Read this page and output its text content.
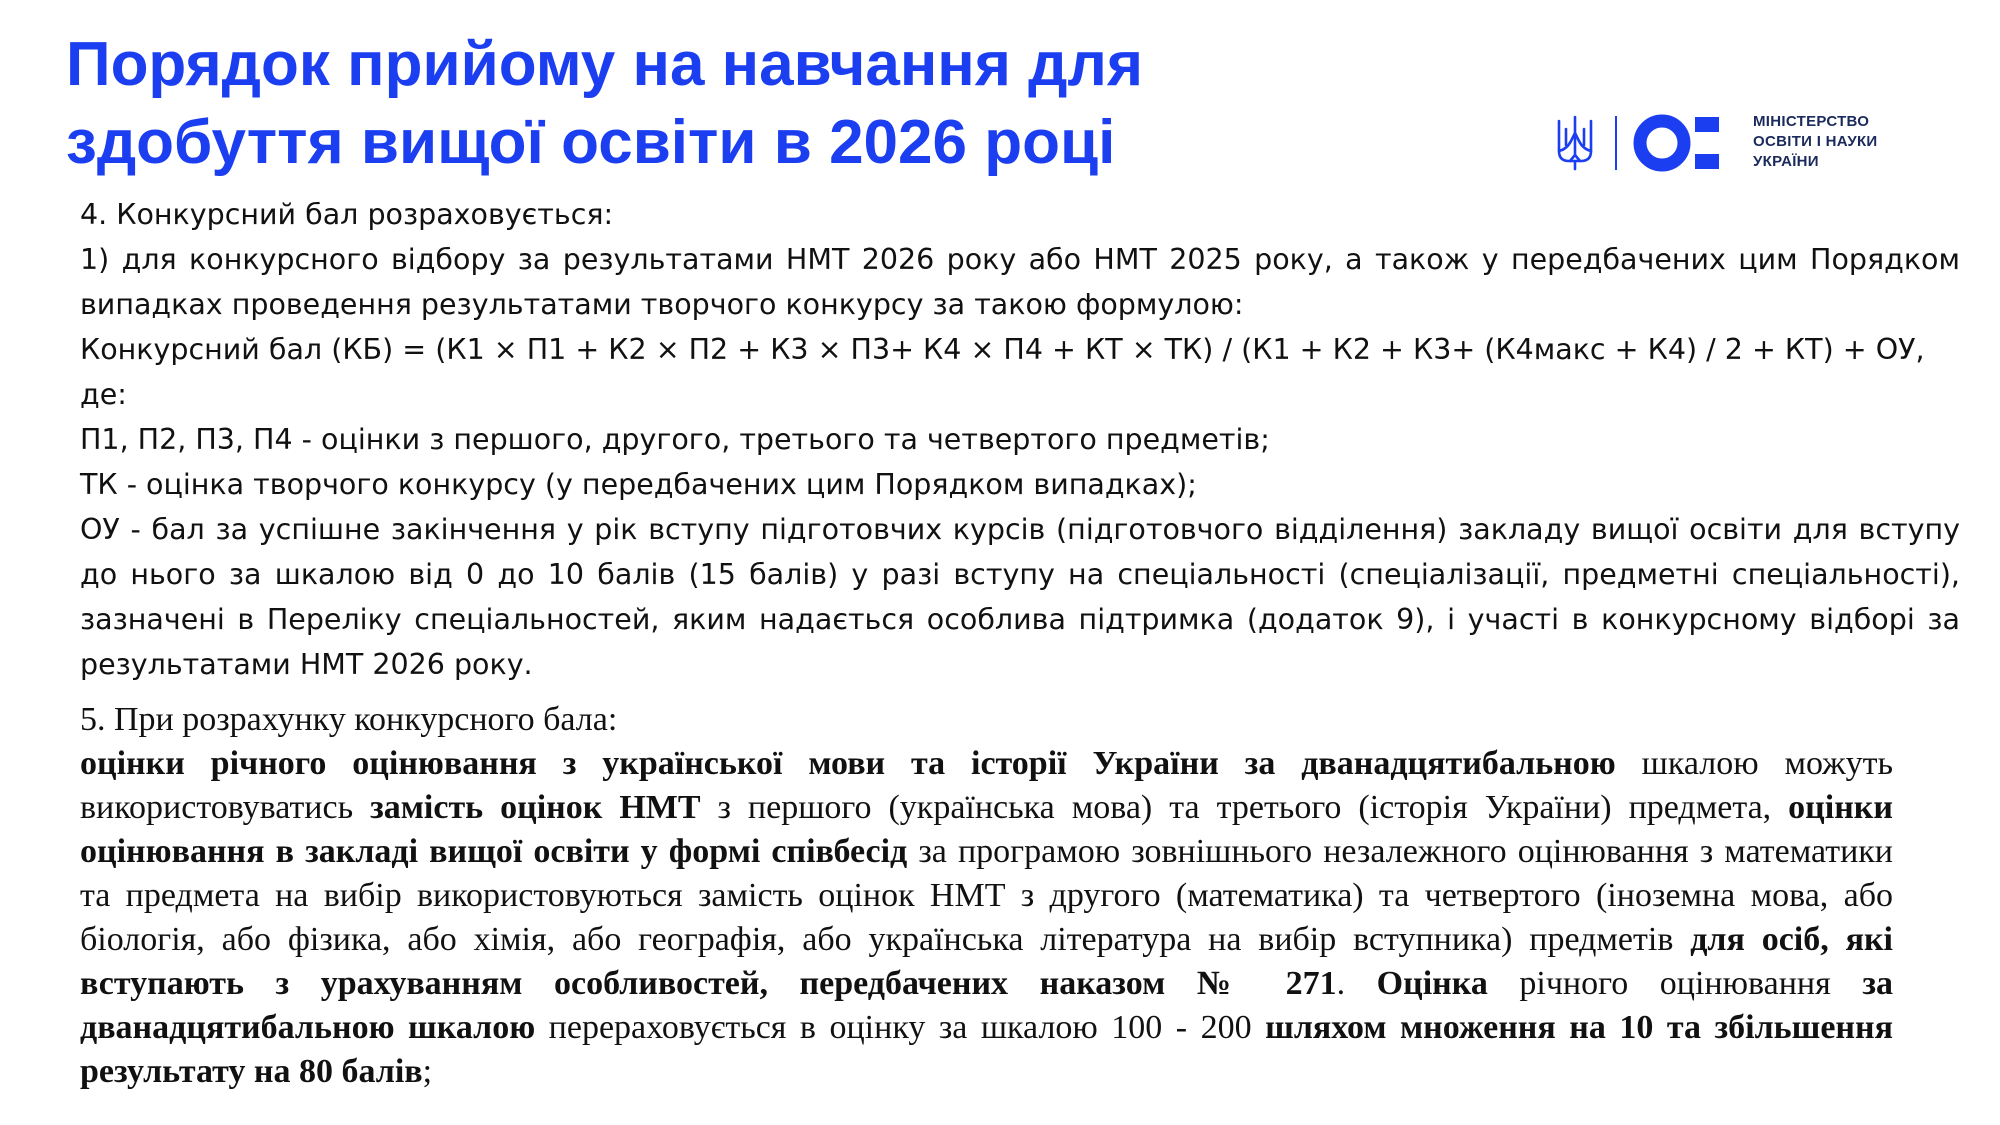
Порядок прийому на навчання для
здобуття вищої освіти в 2026 році	МІНІСТЕРСТВО
ОСВІТИ І НАУКИ
УКРАЇНИ

4. Конкурсний бал розраховується:

1) для конкурсного відбору за результатами НМТ 2026 року або НМТ 2025 року, а також у передбачених цим Порядком випадках проведення результатами творчого конкурсу за такою формулою:

Конкурсний бал (КБ) = (К1 × П1 + К2 × П2 + К3 × П3+ К4 × П4 + КТ × ТК) / (К1 + К2 + К3+ (К4макс + К4) / 2 + КТ) + ОУ,

де:

П1, П2, П3, П4 - оцінки з першого, другого, третього та четвертого предметів;

ТК - оцінка творчого конкурсу (у передбачених цим Порядком випадках);

ОУ - бал за успішне закінчення у рік вступу підготовчих курсів (підготовчого відділення) закладу вищої освіти для вступу до нього за шкалою від 0 до 10 балів (15 балів) у разі вступу на спеціальності (спеціалізації, предметні спеціальності), зазначені в Переліку спеціальностей, яким надається особлива підтримка (додаток 9), і участі в конкурсному відборі за результатами НМТ 2026 року.

5. При розрахунку конкурсного бала:

оцінки річного оцінювання з української мови та історії України за дванадцятибальною шкалою можуть використовуватись замість оцінок НМТ з першого (українська мова) та третього (історія України) предмета, оцінки оцінювання в закладі вищої освіти у формі співбесід за програмою зовнішнього незалежного оцінювання з математики та предмета на вибір використовуються замість оцінок НМТ з другого (математика) та четвертого (іноземна мова, або біологія, або фізика, або хімія, або географія, або українська література на вибір вступника) предметів для осіб, які вступають з урахуванням особливостей, передбачених наказом № 271. Оцінка річного оцінювання за дванадцятибальною шкалою перераховується в оцінку за шкалою 100 - 200 шляхом множення на 10 та збільшення результату на 80 балів;
